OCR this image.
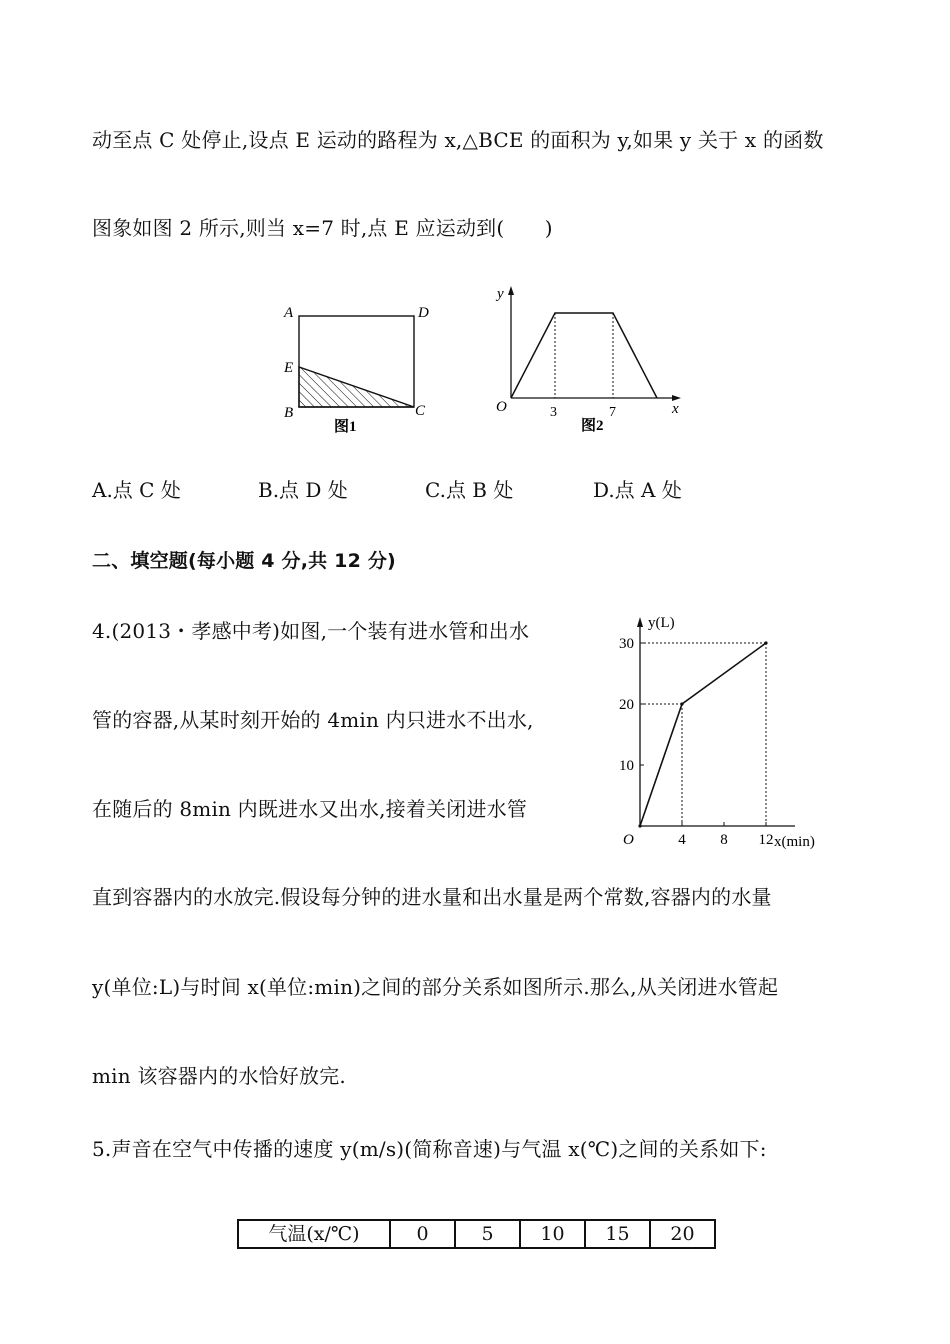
动至点 C 处停止,设点 E 运动的路程为 x,△BCE 的面积为 y,如果 y 关于 x 的函数
图象如图 2 所示,则当 x=7 时,点 E 应运动到(　　)
A	D
E
B	C
图1
y
O	3	7	x
图2
A.点 C 处	B.点 D 处	C.点 B 处	D.点 A 处
二、填空题(每小题 4 分,共 12 分)
4.(2013・孝感中考)如图,一个装有进水管和出水
管的容器,从某时刻开始的 4min 内只进水不出水,
在随后的 8min 内既进水又出水,接着关闭进水管
10
20
30
4 8 12
O
y(L)
x(min)
直到容器内的水放完.假设每分钟的进水量和出水量是两个常数,容器内的水量
y(单位:L)与时间 x(单位:min)之间的部分关系如图所示.那么,从关闭进水管起
min 该容器内的水恰好放完.
5.声音在空气中传播的速度 y(m/s)(简称音速)与气温 x(℃)之间的关系如下:
气温(x/℃)	0	5	10	15	20
